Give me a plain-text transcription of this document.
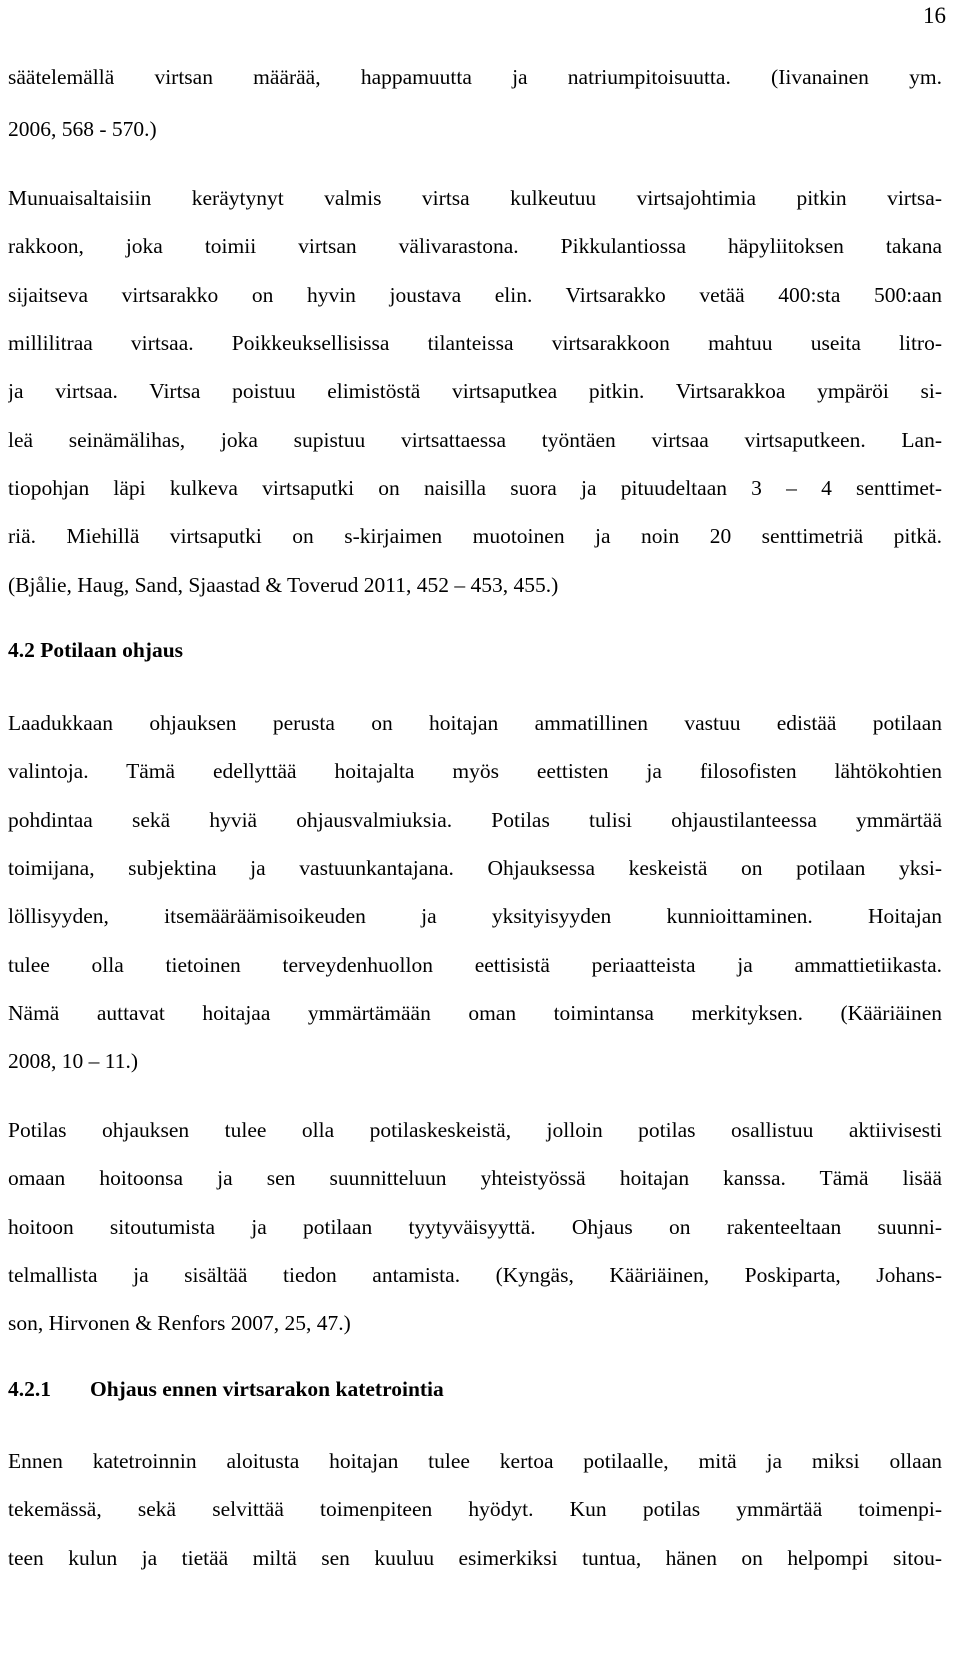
16
säätelemällä virtsan määrää, happamuutta ja natriumpitoisuutta. (Iivanainen ym.
2006, 568 - 570.)
Munuaisaltaisiin keräytynyt valmis virtsa kulkeutuu virtsajohtimia pitkin virtsa-
rakkoon, joka toimii virtsan välivarastona. Pikkulantiossa häpyliitoksen takana
sijaitseva virtsarakko on hyvin joustava elin. Virtsarakko vetää 400:sta 500:aan
millilitraa virtsaa. Poikkeuksellisissa tilanteissa virtsarakkoon mahtuu useita litro-
ja virtsaa. Virtsa poistuu elimistöstä virtsaputkea pitkin. Virtsarakkoa ympäröi si-
leä seinämälihas, joka supistuu virtsattaessa työntäen virtsaa virtsaputkeen. Lan-
tiopohjan läpi kulkeva virtsaputki on naisilla suora ja pituudeltaan 3 – 4 senttimet-
riä. Miehillä virtsaputki on s-kirjaimen muotoinen ja noin 20 senttimetriä pitkä.
(Bjålie, Haug, Sand, Sjaastad & Toverud 2011, 452 – 453, 455.)
4.2 Potilaan ohjaus
Laadukkaan ohjauksen perusta on hoitajan ammatillinen vastuu edistää potilaan
valintoja. Tämä edellyttää hoitajalta myös eettisten ja filosofisten lähtökohtien
pohdintaa sekä hyviä ohjausvalmiuksia. Potilas tulisi ohjaustilanteessa ymmärtää
toimijana, subjektina ja vastuunkantajana. Ohjauksessa keskeistä on potilaan yksi-
löllisyyden, itsemääräämisoikeuden ja yksityisyyden kunnioittaminen. Hoitajan
tulee olla tietoinen terveydenhuollon eettisistä periaatteista ja ammattietiikasta.
Nämä auttavat hoitajaa ymmärtämään oman toimintansa merkityksen. (Kääriäinen
2008, 10 – 11.)
Potilas ohjauksen tulee olla potilaskeskeistä, jolloin potilas osallistuu aktiivisesti
omaan hoitoonsa ja sen suunnitteluun yhteistyössä hoitajan kanssa. Tämä lisää
hoitoon sitoutumista ja potilaan tyytyväisyyttä. Ohjaus on rakenteeltaan suunni-
telmallista ja sisältää tiedon antamista. (Kyngäs, Kääriäinen, Poskiparta, Johans-
son, Hirvonen & Renfors 2007, 25, 47.)
4.2.1 Ohjaus ennen virtsarakon katetrointia
Ennen katetroinnin aloitusta hoitajan tulee kertoa potilaalle, mitä ja miksi ollaan
tekemässä, sekä selvittää toimenpiteen hyödyt. Kun potilas ymmärtää toimenpi-
teen kulun ja tietää miltä sen kuuluu esimerkiksi tuntua, hänen on helpompi sitou-
